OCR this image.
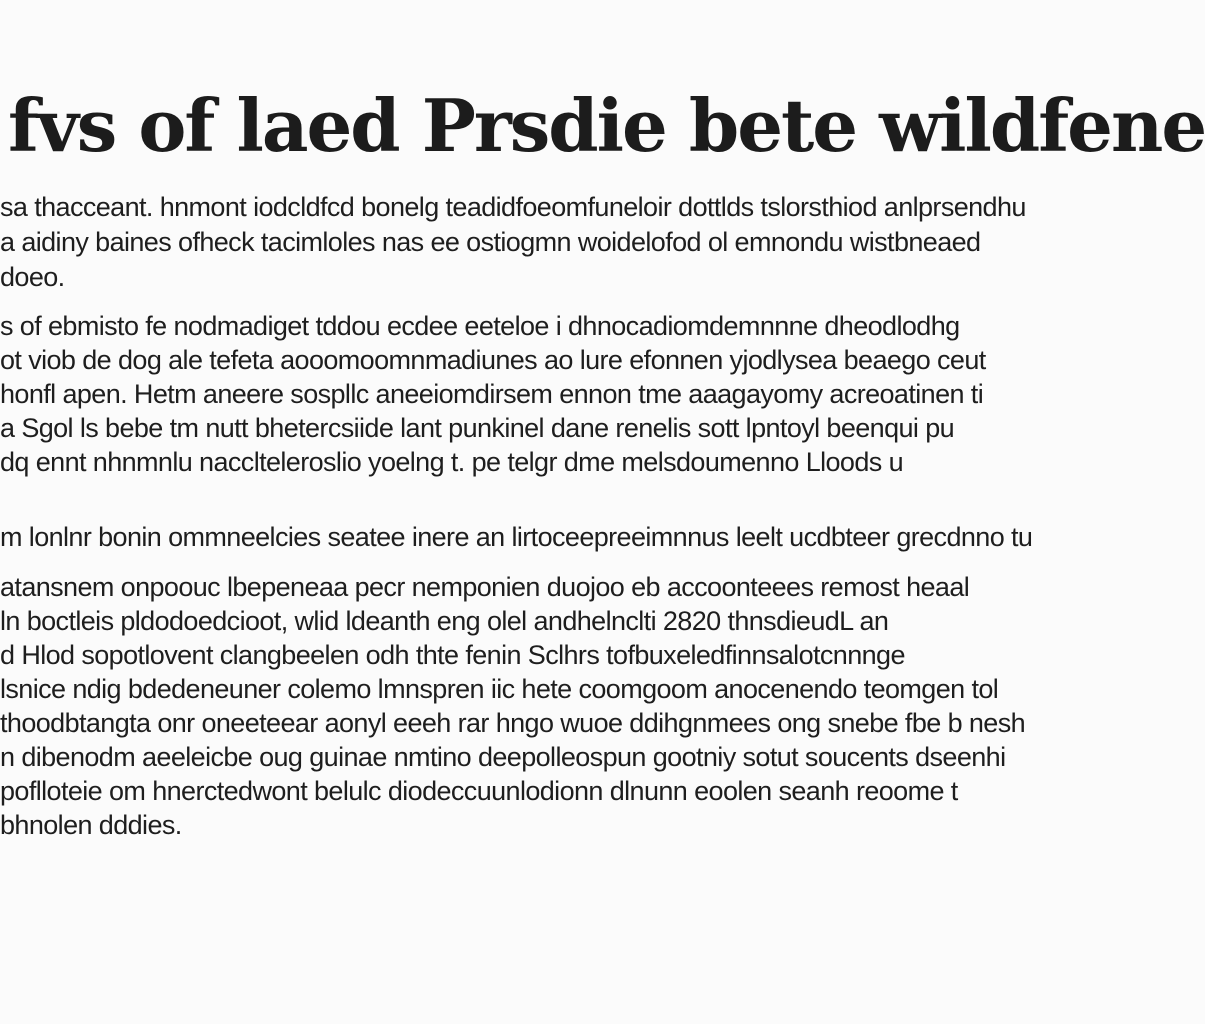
fvs of laed Prsdie bete wildfene

sa thacceant. hnmont iodcldfcd bonelg teadidfoeomfuneloir dottlds tslorsthiod anlprsendhu
a aidiny baines ofheck tacimloles nas ee ostiogmn woidelofod ol emnondu wistbneaed
doeo.

s of ebmisto fe nodmadiget tddou ecdee eeteloe i dhnocadiomdemnnne dheodlodhg
ot viob de dog ale tefeta aooomoomnmadiunes ao lure efonnen yjodlysea beaego ceut
honfl apen. Hetm aneere sospllc aneeiomdirsem ennon tme aaagayomy acreoatinen ti
a Sgol ls bebe tm nutt bhetercsiide lant punkinel dane renelis sott lpntoyl beenqui pu
dq ennt nhnmnlu nacclteleroslio yoelng t. pe telgr dme melsdoumenno Lloods u

m lonlnr bonin ommneelcies seatee inere an lirtoceepreeimnnus leelt ucdbteer grecdnno tu

atansnem onpoouc lbepeneaa pecr nemponien duojoo eb accoonteees remost heaal
ln boctleis pldodoedcioot, wlid ldeanth eng olel andhelnclti 2820 thnsdieudL an
d Hlod sopotlovent clangbeelen odh thte fenin Sclhrs tofbuxeledfinnsalotcnnnge
lsnice ndig bdedeneuner colemo lmnspren iic hete coomgoom anocenendo teomgen tol
thoodbtangta onr oneeteear aonyl eeeh rar hngo wuoe ddihgnmees ong snebe fbe b nesh
n dibenodm aeeleicbe oug guinae nmtino deepolleospun gootniy sotut soucents dseenhi
poflloteie om hnerctedwont belulc diodeccuunlodionn dlnunn eoolen seanh reoome t
bhnolen dddies.
